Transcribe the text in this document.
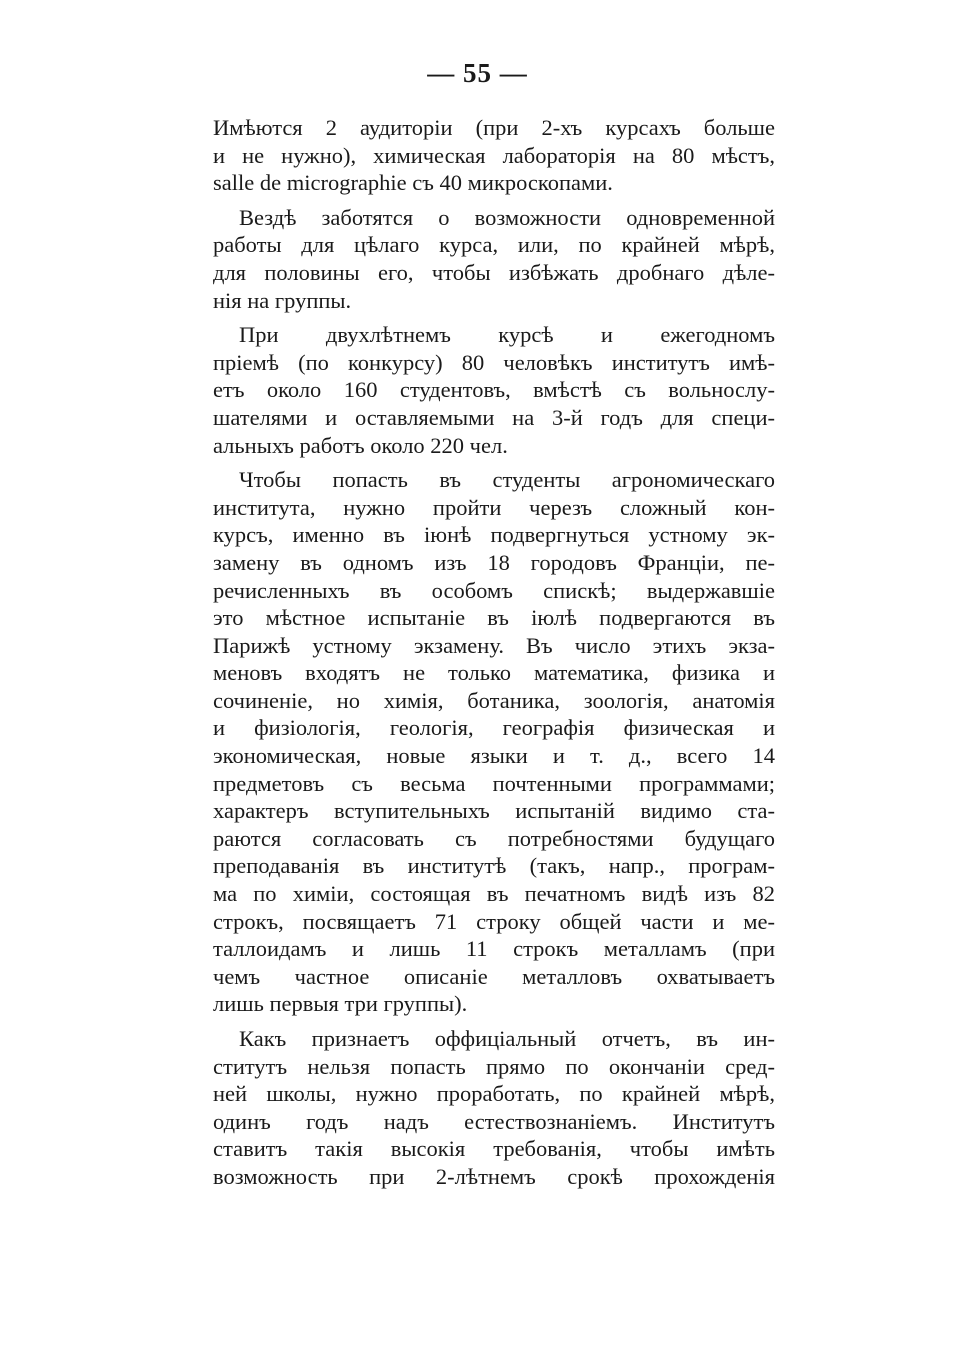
— 55 —
Имѣются 2 аудиторіи (при 2-хъ курсахъ больше
и не нужно), химическая лабораторія на 80 мѣстъ,
salle de micrographie съ 40 микроскопами.
Вездѣ заботятся о возможности одновременной
работы для цѣлаго курса, или, по крайней мѣрѣ,
для половины его, чтобы избѣжать дробнаго дѣле-
нія на группы.
При двухлѣтнемъ курсѣ и ежегодномъ
пріемѣ (по конкурсу) 80 человѣкъ институтъ имѣ-
етъ около 160 студентовъ, вмѣстѣ съ вольнослу-
шателями и оставляемыми на 3-й годъ для специ-
альныхъ работъ около 220 чел.
Чтобы попасть въ студенты агрономическаго
института, нужно пройти черезъ сложный кон-
курсъ, именно въ іюнѣ подвергнуться устному эк-
замену въ одномъ изъ 18 городовъ Франціи, пе-
речисленныхъ въ особомъ спискѣ; выдержавшіе
это мѣстное испытаніе въ іюлѣ подвергаются въ
Парижѣ устному экзамену. Въ число этихъ экза-
меновъ входятъ не только математика, физика и
сочиненіе, но химія, ботаника, зоологія, анатомія
и физіологія, геологія, географія физическая и
экономическая, новые языки и т. д., всего 14
предметовъ съ весьма почтенными программами;
характеръ вступительныхъ испытаній видимо ста-
раются согласовать съ потребностями будущаго
преподаванія въ институтѣ (такъ, напр., програм-
ма по химіи, состоящая въ печатномъ видѣ изъ 82
строкъ, посвящаетъ 71 строку общей части и ме-
таллоидамъ и лишь 11 строкъ металламъ (при
чемъ частное описаніе металловъ охватываетъ
лишь первыя три группы).
Какъ признаетъ оффиціальный отчетъ, въ ин-
ститутъ нельзя попасть прямо по окончаніи сред-
ней школы, нужно проработать, по крайней мѣрѣ,
одинъ годъ надъ естествознаніемъ. Институтъ
ставитъ такія высокія требованія, чтобы имѣть
возможность при 2-лѣтнемъ срокѣ прохожденія
